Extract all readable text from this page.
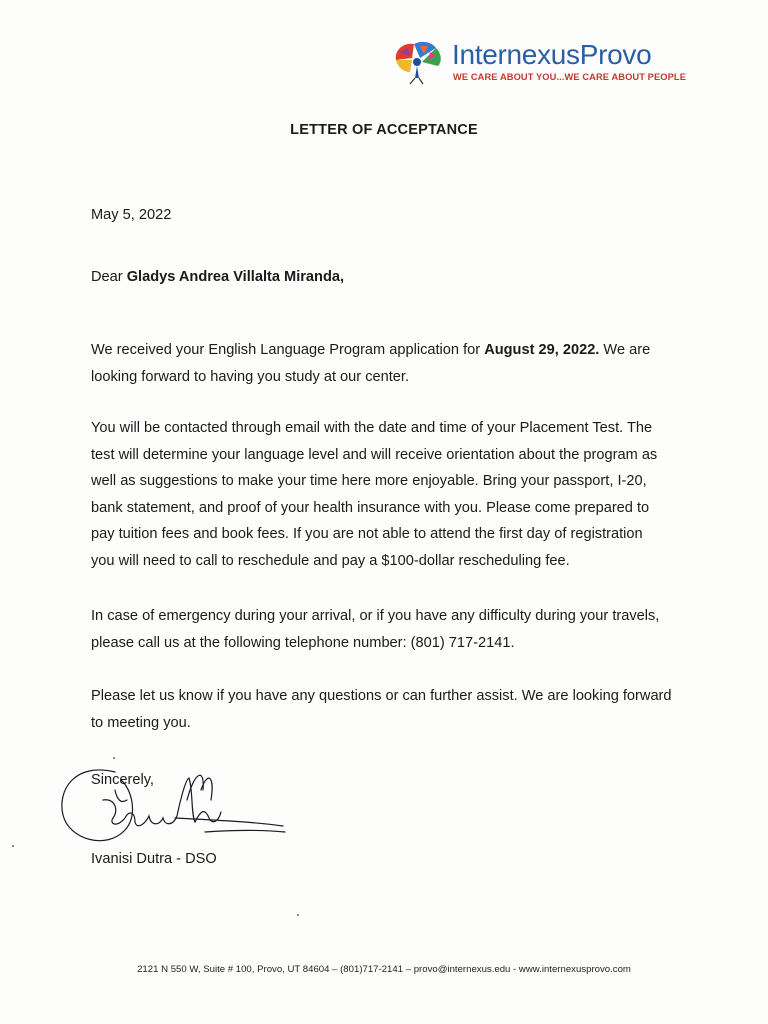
InternexusProvo
WE CARE ABOUT YOU...WE CARE ABOUT PEOPLE
LETTER OF ACCEPTANCE
May 5, 2022
Dear Gladys Andrea Villalta Miranda,
We received your English Language Program application for August 29, 2022. We are
looking forward to having you study at our center.
You will be contacted through email with the date and time of your Placement Test. The
test will determine your language level and will receive orientation about the program as
well as suggestions to make your time here more enjoyable. Bring your passport, I-20,
bank statement, and proof of your health insurance with you. Please come prepared to
pay tuition fees and book fees. If you are not able to attend the first day of registration
you will need to call to reschedule and pay a $100-dollar rescheduling fee.
In case of emergency during your arrival, or if you have any difficulty during your travels,
please call us at the following telephone number: (801) 717-2141.
Please let us know if you have any questions or can further assist. We are looking forward
to meeting you.
Sincerely,
Ivanisi Dutra - DSO
2121 N 550 W, Suite # 100, Provo, UT 84604 – (801)717-2141 – provo@internexus.edu - www.internexusprovo.com
